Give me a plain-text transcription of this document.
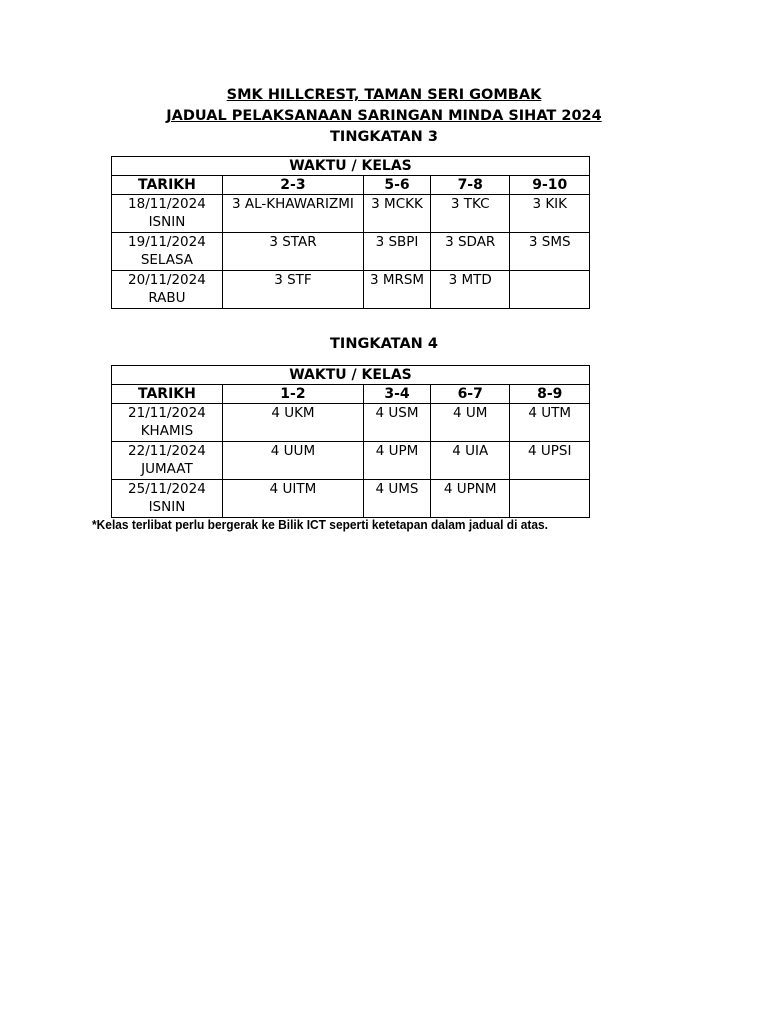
SMK HILLCREST, TAMAN SERI GOMBAK
JADUAL PELAKSANAAN SARINGAN MINDA SIHAT 2024
TINGKATAN 3
WAKTU / KELAS				
TARIKH	2-3	5-6	7-8	9-10

18/11/2024
ISNIN	3 AL-KHAWARIZMI	3 MCKK	3 TKC	3 KIK

19/11/2024
SELASA	3 STAR	3 SBPI	3 SDAR	3 SMS

20/11/2024
RABU	3 STF	3 MRSM	3 MTD	
TINGKATAN 4
WAKTU / KELAS				
TARIKH	1-2	3-4	6-7	8-9

21/11/2024
KHAMIS	4 UKM	4 USM	4 UM	4 UTM

22/11/2024
JUMAAT	4 UUM	4 UPM	4 UIA	4 UPSI

25/11/2024
ISNIN	4 UITM	4 UMS	4 UPNM	
*Kelas terlibat perlu bergerak ke Bilik ICT seperti ketetapan dalam jadual di atas.
